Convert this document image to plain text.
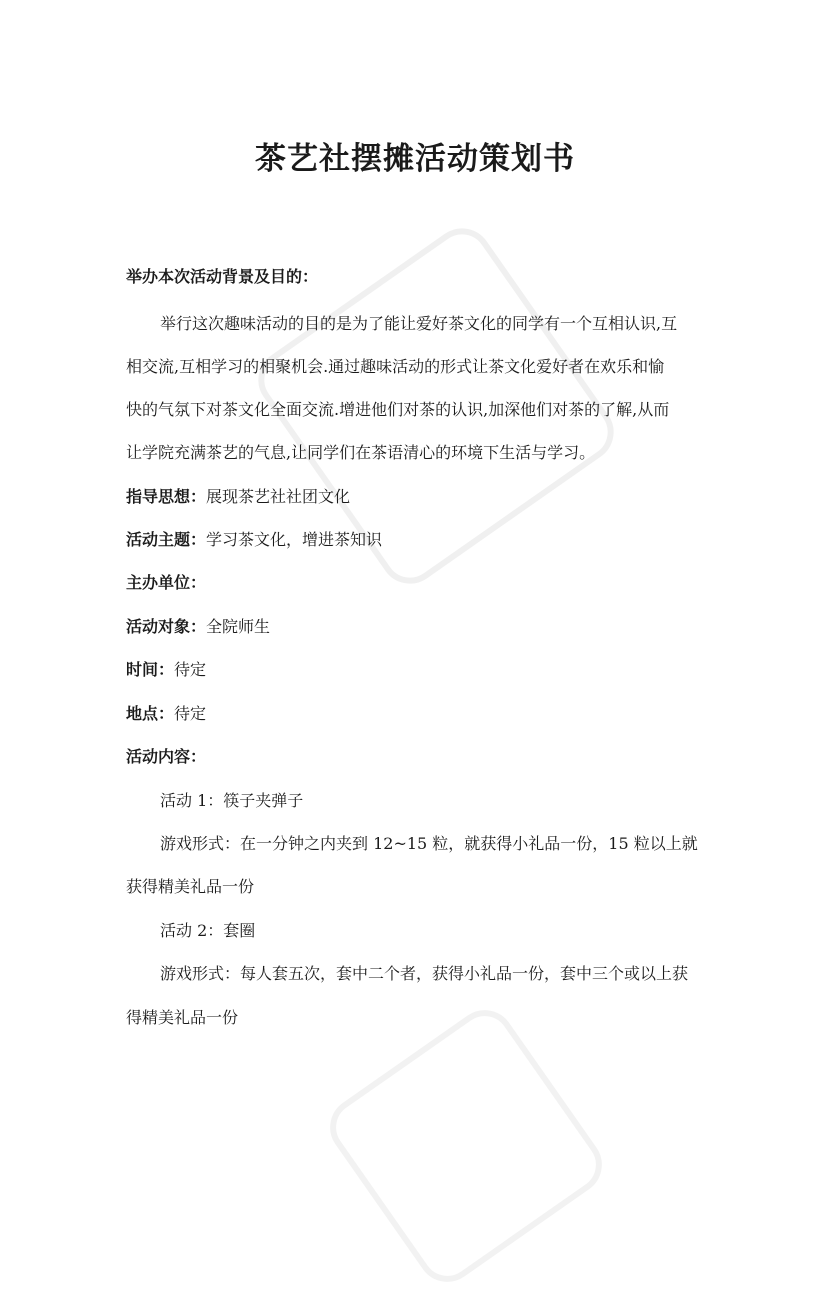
茶艺社摆摊活动策划书
举办本次活动背景及目的：
举行这次趣味活动的目的是为了能让爱好茶文化的同学有一个互相认识,互
相交流,互相学习的相聚机会.通过趣味活动的形式让茶文化爱好者在欢乐和愉
快的气氛下对茶文化全面交流.增进他们对茶的认识,加深他们对茶的了解,从而
让学院充满茶艺的气息,让同学们在茶语清心的环境下生活与学习。
指导思想：展现茶艺社社团文化
活动主题：学习茶文化，增进茶知识
主办单位：
活动对象：全院师生
时间：待定
地点：待定
活动内容：
活动 1：筷子夹弹子
游戏形式：在一分钟之内夹到 12~15 粒，就获得小礼品一份，15 粒以上就
获得精美礼品一份
活动 2：套圈
游戏形式：每人套五次，套中二个者，获得小礼品一份，套中三个或以上获
得精美礼品一份
